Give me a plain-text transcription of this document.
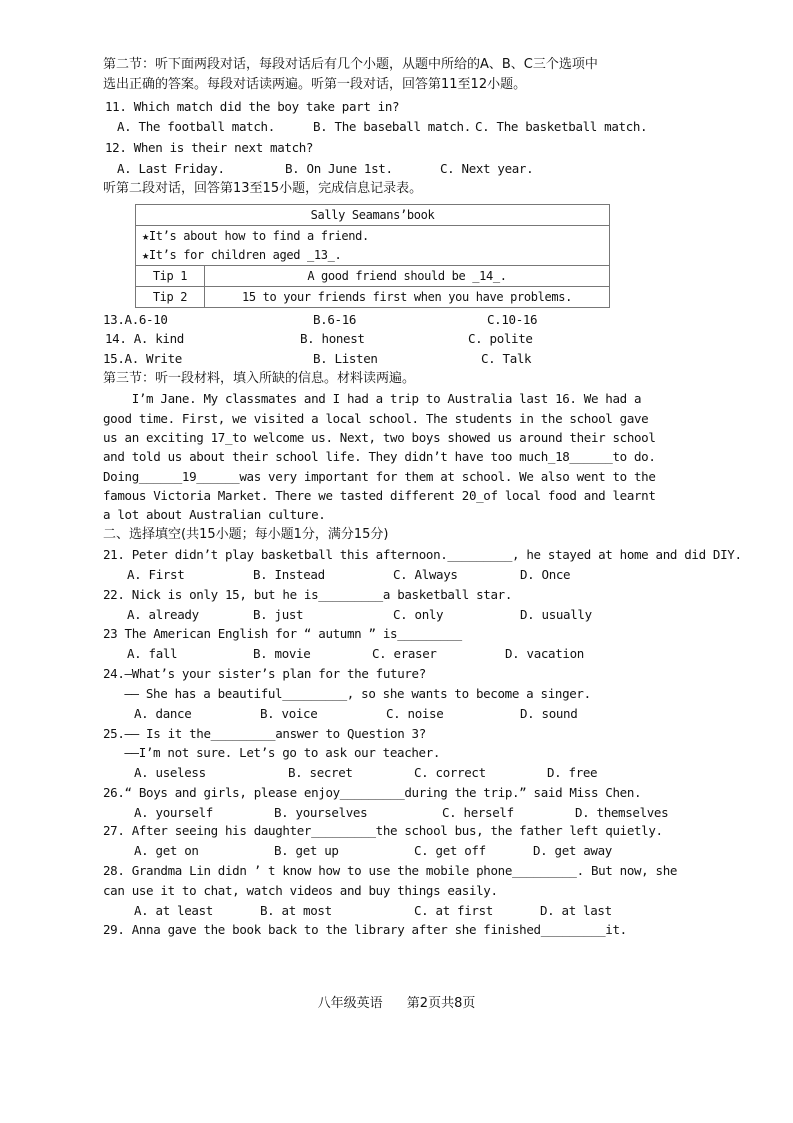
第二节：听下面两段对话，每段对话后有几个小题，从题中所给的A、B、C三个选项中
选出正确的答案。每段对话读两遍。听第一段对话，回答第11至12小题。
11. Which match did the boy take part in?
A. The football match.	B. The baseball match. C. The basketball match.
12. When is their next match?
A. Last Friday.	B. On June 1st.	C. Next year.
听第二段对话，回答第13至15小题，完成信息记录表。
Sally Seamans’book	

★It’s about how to find a friend.
★It’s for children aged _13_.	

Tip 1	A good friend should be _14_.
Tip 2	15 to your friends first when you have problems.
13.A.6-10	B.6-16	C.10-16
14. A. kind	B. honest	C. polite
15.A. Write	B. Listen	C. Talk
第三节：听一段材料，填入所缺的信息。材料读两遍。
I’m Jane. My classmates and I had a trip to Australia last 16. We had a
good time. First, we visited a local school. The students in the school gave
us an exciting 17_to welcome us. Next, two boys showed us around their school
and told us about their school life. They didn’t have too much_18______to do.
Doing______19______was very important for them at school. We also went to the
famous Victoria Market. There we tasted different 20_of local food and learnt
a lot about Australian culture.
二、选择填空(共15小题；每小题1分，满分15分)
21. Peter didn’t play basketball this afternoon._________, he stayed at home and did DIY.
A. First	B. Instead	C. Always	D. Once
22. Nick is only 15, but he is_________a basketball star.
A. already	B. just	C. only	D. usually
23 The American English for “ autumn ” is_________
A. fall	B. movie	C. eraser	D. vacation
24.—What’s your sister’s plan for the future?
—— She has a beautiful_________, so she wants to become a singer.
A. dance	B. voice	C. noise	D. sound
25.—— Is it the_________answer to Question 3?
——I’m not sure. Let’s go to ask our teacher.
A. useless	B. secret	C. correct	D. free
26.“ Boys and girls, please enjoy_________during the trip.” said Miss Chen.
A. yourself	B. yourselves	C. herself	D. themselves
27. After seeing his daughter_________the school bus, the father left quietly.
A. get on	B. get up	C. get off	D. get away
28. Grandma Lin didn ’ t know how to use the mobile phone_________. But now, she
can use it to chat, watch videos and buy things easily.
A. at least	B. at most	C. at first	D. at last
29. Anna gave the book back to the library after she finished_________it.
八年级英语 第2页共8页
